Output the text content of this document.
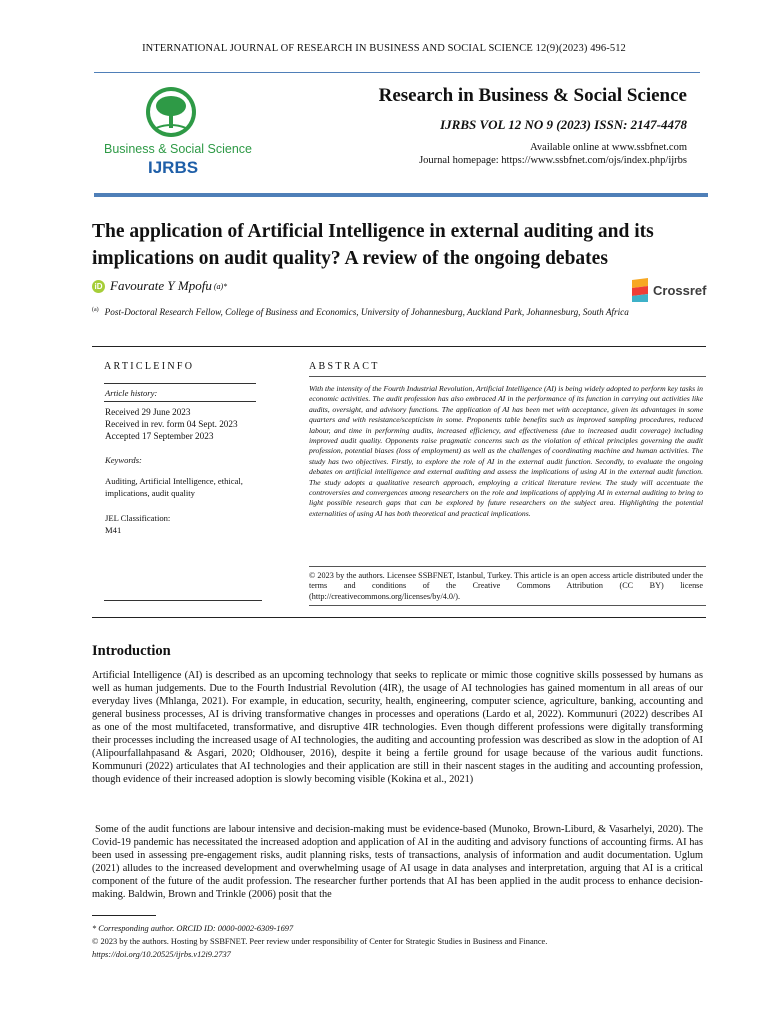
INTERNATIONAL JOURNAL OF RESEARCH IN BUSINESS AND SOCIAL SCIENCE 12(9)(2023) 496-512
Business & Social Science
IJRBS
Research in Business & Social Science
IJRBS VOL 12 NO 9 (2023) ISSN: 2147-4478
Available online at www.ssbfnet.com
Journal homepage: https://www.ssbfnet.com/ojs/index.php/ijrbs
The application of Artificial Intelligence in external auditing and its implications on audit quality? A review of the ongoing debates
iD Favourate Y Mpofu (a)*	Crossref
$^{(a)}$ Post-Doctoral Research Fellow, College of Business and Economics, University of Johannesburg, Auckland Park, Johannesburg, South Africa
ARTICLEINFO	ABSTRACT
Article history:
Received 29 June 2023
Received in rev. form 04 Sept. 2023
Accepted 17 September 2023
Keywords:
Auditing, Artificial Intelligence, ethical, implications, audit quality
JEL Classification:
M41
With the intensity of the Fourth Industrial Revolution, Artificial Intelligence (AI) is being widely adopted to perform key tasks in economic activities. The audit profession has also embraced AI in the performance of its function in carrying out activities like audits, oversight, and advisory functions. The application of AI has been met with acceptance, given its advantages in some quarters and with resistance/scepticism in some. Proponents table benefits such as improved sampling procedures, reduced labour, and time in performing audits, increased efficiency, and effectiveness (due to increased audit coverage) including improved audit quality. Opponents raise pragmatic concerns such as the violation of ethical principles governing the audit profession, potential biases (loss of employment) as well as the challenges of coordinating machine and human activities. The study has two objectives. Firstly, to explore the role of AI in the external audit function. Secondly, to evaluate the ongoing debates on artificial intelligence and external auditing and assess the implications of using AI in the external audit function. The study adopts a qualitative research approach, employing a critical literature review. The study will accentuate the controversies and convergences among researchers on the role and implications of applying AI in external auditing to bring to light possible research gaps that can be explored by future researchers on the subject area. Highlighting the potential externalities of using AI has both theoretical and practical implications.
© 2023 by the authors. Licensee SSBFNET, Istanbul, Turkey. This article is an open access article distributed under the terms and conditions of the Creative Commons Attribution (CC BY) license (http://creativecommons.org/licenses/by/4.0/).
Introduction
Artificial Intelligence (AI) is described as an upcoming technology that seeks to replicate or mimic those cognitive skills possessed by humans as well as human judgements. Due to the Fourth Industrial Revolution (4IR), the usage of AI technologies has gained momentum in all areas of our everyday lives (Mhlanga, 2021). For example, in education, security, health, engineering, computer science, agriculture, banking, accounting and general business processes, AI is driving transformative changes in processes and operations (Lardo et al, 2022). Kommunuri (2022) describes AI as one of the most multifaceted, transformative, and disruptive 4IR technologies. Even though different professions were digitally transforming their processes including the increased usage of AI technologies, the auditing and accounting profession was described as slow in the adoption of AI (Alipourfallahpasand & Asgari, 2020; Oldhouser, 2016), despite it being a fertile ground for usage because of the various audit functions. Kommunuri (2022) articulates that AI technologies and their application are still in their nascent stages in the auditing and accounting profession, though evidence of their increased adoption is slowly becoming visible (Kokina et al., 2021)
Some of the audit functions are labour intensive and decision-making must be evidence-based (Munoko, Brown-Liburd, & Vasarhelyi, 2020). The Covid-19 pandemic has necessitated the increased adoption and application of AI in the auditing and advisory functions of accounting firms. AI has been used in assessing pre-engagement risks, audit planning risks, tests of transactions, analysis of information and audit documentation. Uglum (2021) alludes to the increased development and overwhelming usage of AI usage in data analyses and interpretation, arguing that AI is a critical component of the future of the audit profession. The researcher further portends that AI has been applied in the audit process to enhance decision-making. Baldwin, Brown and Trinkle (2006) posit that the
* Corresponding author. ORCID ID: 0000-0002-6309-1697
© 2023 by the authors. Hosting by SSBFNET. Peer review under responsibility of Center for Strategic Studies in Business and Finance.
https://doi.org/10.20525/ijrbs.v12i9.2737
